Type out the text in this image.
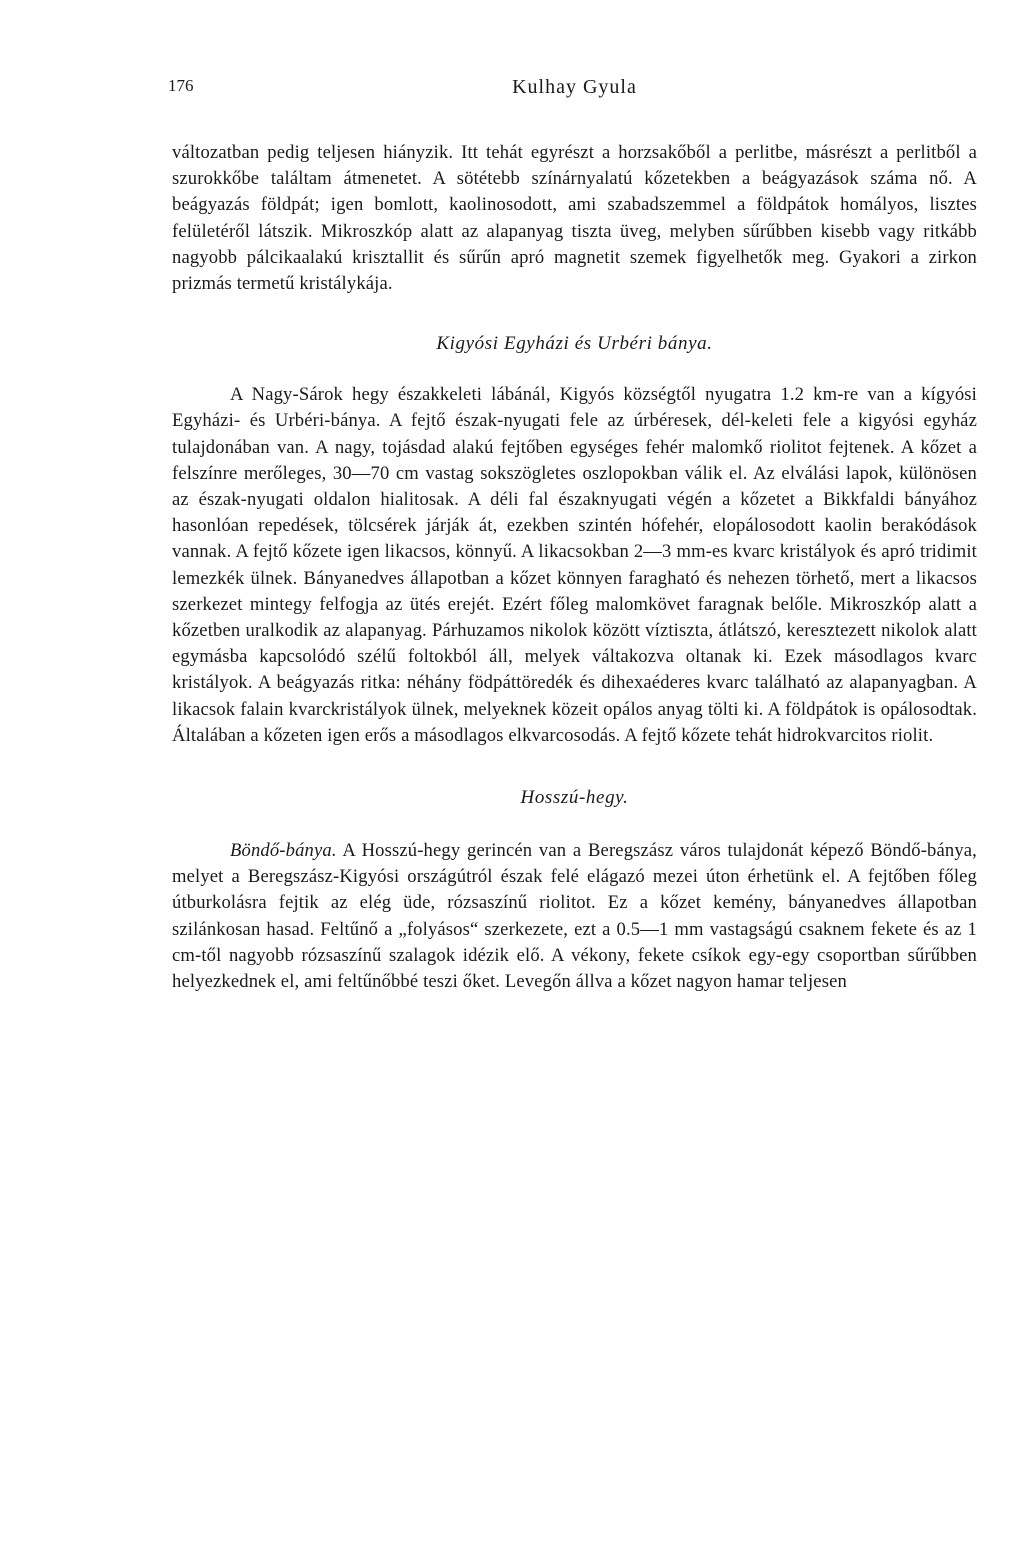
176	Kulhay Gyula

változatban pedig teljesen hiányzik. Itt tehát egyrészt a horzsakőből a perlitbe, másrészt a perlitből a szurokkőbe találtam átmenetet. A sötétebb színárnyalatú kőzetekben a beágyazások száma nő. A beágyazás földpát; igen bomlott, kaolinosodott, ami szabadszemmel a földpátok homályos, lisztes felületéről látszik. Mikroszkóp alatt az alapanyag tiszta üveg, melyben sűrűbben kisebb vagy ritkább nagyobb pálcikaalakú krisztallit és sűrűn apró magnetit szemek figyelhetők meg. Gyakori a zirkon prizmás termetű kristálykája.

Kigyósi Egyházi és Urbéri bánya.

A Nagy-Sárok hegy északkeleti lábánál, Kigyós községtől nyugatra 1.2 km-re van a kígyósi Egyházi- és Urbéri-bánya. A fejtő észak-nyugati fele az úrbéresek, dél-keleti fele a kigyósi egyház tulajdonában van. A nagy, tojásdad alakú fejtőben egységes fehér malomkő riolitot fejtenek. A kőzet a felszínre merőleges, 30—70 cm vastag sokszögletes oszlopokban válik el. Az elválási lapok, különösen az észak-nyugati oldalon hialitosak. A déli fal északnyugati végén a kőzetet a Bikkfaldi bányához hasonlóan repedések, tölcsérek járják át, ezekben szintén hófehér, elopálosodott kaolin berakódások vannak. A fejtő kőzete igen likacsos, könnyű. A likacsokban 2—3 mm-es kvarc kristályok és apró tridimit lemezkék ülnek. Bányanedves állapotban a kőzet könnyen faragható és nehezen törhető, mert a likacsos szerkezet mintegy felfogja az ütés erejét. Ezért főleg malomkövet faragnak belőle. Mikroszkóp alatt a kőzetben uralkodik az alapanyag. Párhuzamos nikolok között víztiszta, átlátszó, keresztezett nikolok alatt egymásba kapcsolódó szélű foltokból áll, melyek váltakozva oltanak ki. Ezek másodlagos kvarc kristályok. A beágyazás ritka: néhány födpáttöredék és dihexaéderes kvarc található az alapanyagban. A likacsok falain kvarckristályok ülnek, melyeknek közeit opálos anyag tölti ki. A földpátok is opálosodtak. Általában a kőzeten igen erős a másodlagos elkvarcosodás. A fejtő kőzete tehát hidrokvarcitos riolit.

Hosszú-hegy.

Böndő-bánya. A Hosszú-hegy gerincén van a Beregszász város tulajdonát képező Böndő-bánya, melyet a Beregszász-Kigyósi országútról észak felé elágazó mezei úton érhetünk el. A fejtőben főleg útburkolásra fejtik az elég üde, rózsaszínű riolitot. Ez a kőzet kemény, bányanedves állapotban szilánkosan hasad. Feltűnő a „folyásos“ szerkezete, ezt a 0.5—1 mm vastagságú csaknem fekete és az 1 cm-től nagyobb rózsaszínű szalagok idézik elő. A vékony, fekete csíkok egy-egy csoportban sűrűbben helyezkednek el, ami feltűnőbbé teszi őket. Levegőn állva a kőzet nagyon hamar teljesen
